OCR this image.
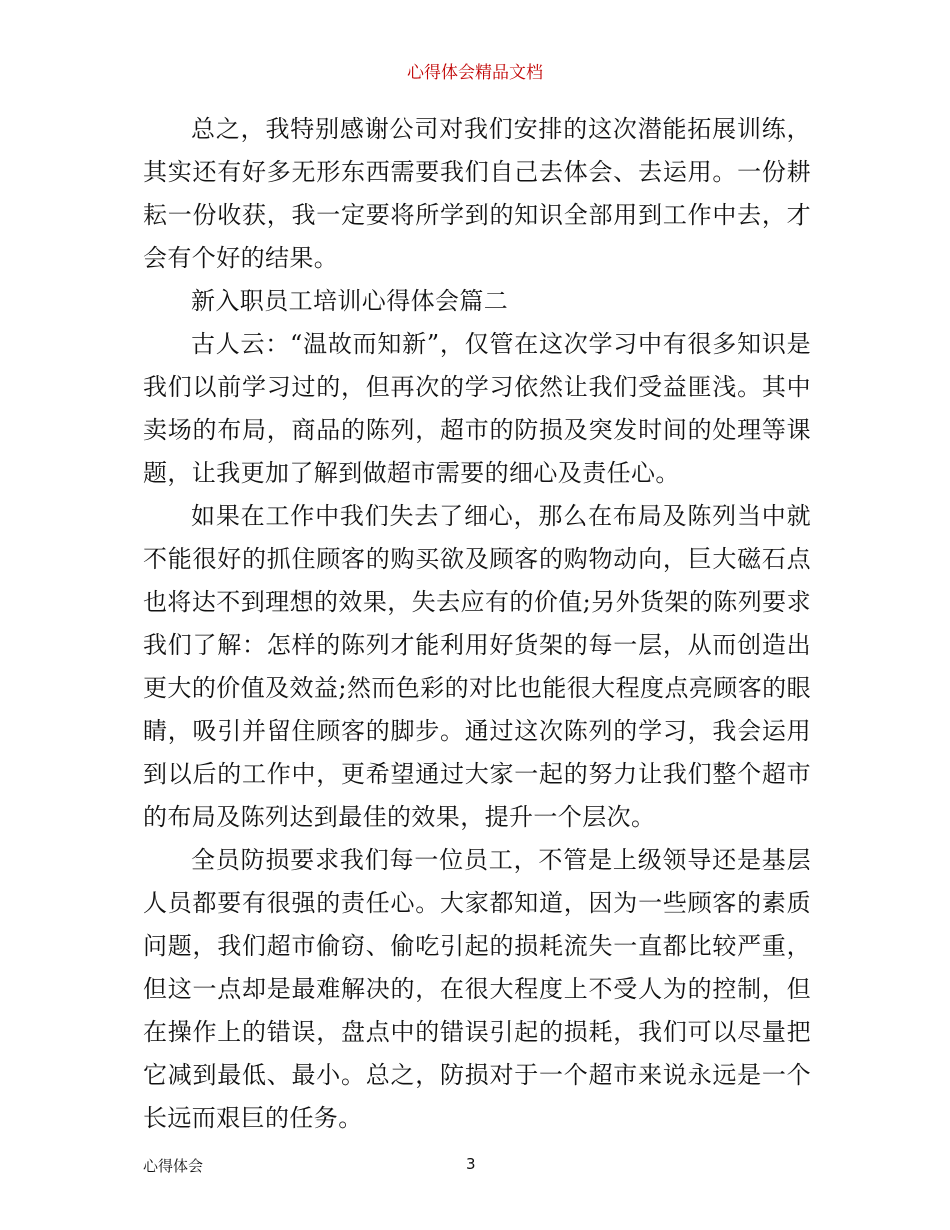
心得体会精品文档

总之，我特别感谢公司对我们安排的这次潜能拓展训练，其实还有好多无形东西需要我们自己去体会、去运用。一份耕耘一份收获，我一定要将所学到的知识全部用到工作中去，才会有个好的结果。

新入职员工培训心得体会篇二

古人云：“温故而知新”，仅管在这次学习中有很多知识是我们以前学习过的，但再次的学习依然让我们受益匪浅。其中卖场的布局，商品的陈列，超市的防损及突发时间的处理等课题，让我更加了解到做超市需要的细心及责任心。

如果在工作中我们失去了细心，那么在布局及陈列当中就不能很好的抓住顾客的购买欲及顾客的购物动向，巨大磁石点也将达不到理想的效果，失去应有的价值;另外货架的陈列要求我们了解：怎样的陈列才能利用好货架的每一层，从而创造出更大的价值及效益;然而色彩的对比也能很大程度点亮顾客的眼睛，吸引并留住顾客的脚步。通过这次陈列的学习，我会运用到以后的工作中，更希望通过大家一起的努力让我们整个超市的布局及陈列达到最佳的效果，提升一个层次。

全员防损要求我们每一位员工，不管是上级领导还是基层人员都要有很强的责任心。大家都知道，因为一些顾客的素质问题，我们超市偷窃、偷吃引起的损耗流失一直都比较严重，但这一点却是最难解决的，在很大程度上不受人为的控制，但在操作上的错误，盘点中的错误引起的损耗，我们可以尽量把它减到最低、最小。总之，防损对于一个超市来说永远是一个长远而艰巨的任务。

心得体会	3
